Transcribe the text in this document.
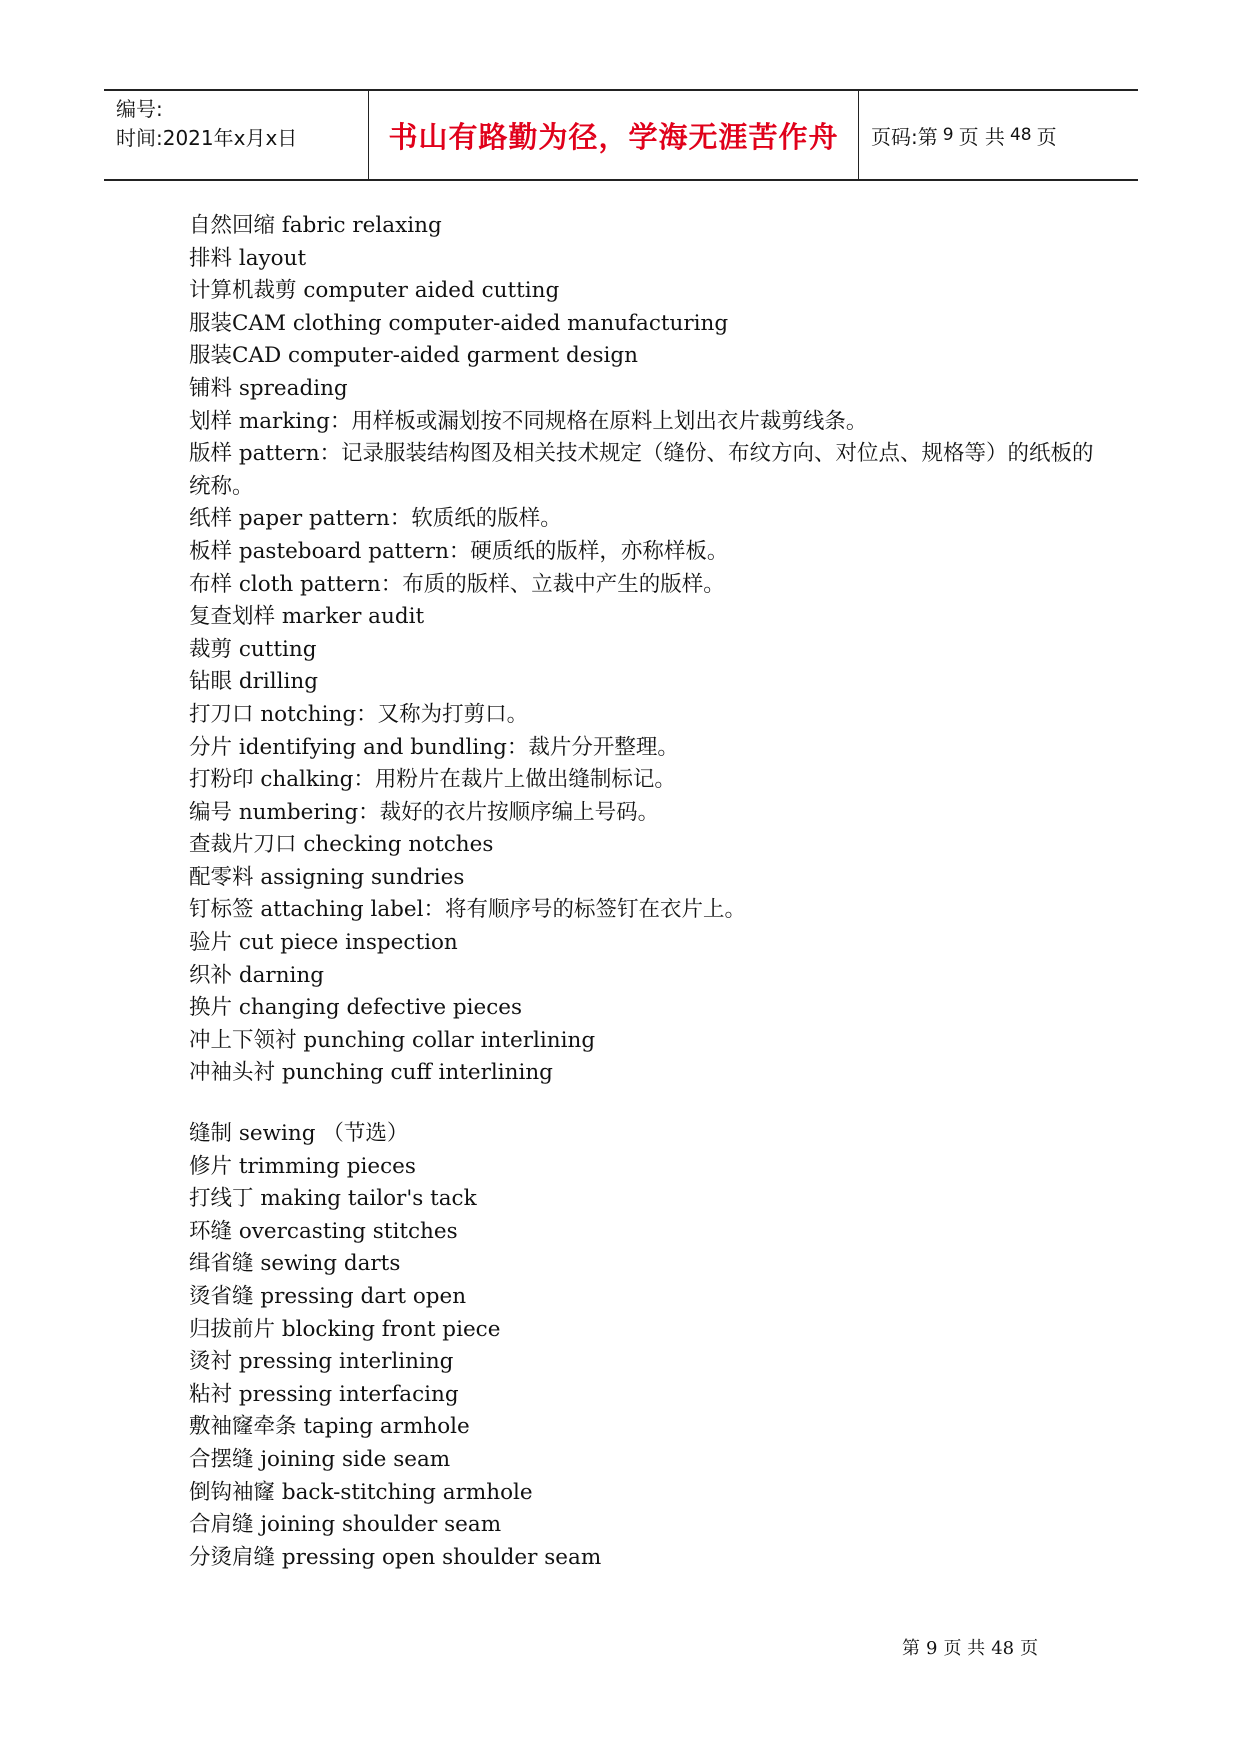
编号:
时间:2021年x月x日	书山有路勤为径，学海无涯苦作舟	页码:第 9 页 共 48 页
自然回缩 fabric relaxing
排料 layout
计算机裁剪 computer aided cutting
服装CAM clothing computer-aided manufacturing
服装CAD computer-aided garment design
铺料 spreading
划样 marking：用样板或漏划按不同规格在原料上划出衣片裁剪线条。
版样 pattern：记录服装结构图及相关技术规定（缝份、布纹方向、对位点、规格等）的纸板的统称。
纸样 paper pattern：软质纸的版样。
板样 pasteboard pattern：硬质纸的版样，亦称样板。
布样 cloth pattern：布质的版样、立裁中产生的版样。
复查划样 marker audit
裁剪 cutting
钻眼 drilling
打刀口 notching：又称为打剪口。
分片 identifying and bundling：裁片分开整理。
打粉印 chalking：用粉片在裁片上做出缝制标记。
编号 numbering：裁好的衣片按顺序编上号码。
查裁片刀口 checking notches
配零料 assigning sundries
钉标签 attaching label：将有顺序号的标签钉在衣片上。
验片 cut piece inspection
织补 darning
换片 changing defective pieces
冲上下领衬 punching collar interlining
冲袖头衬 punching cuff interlining
缝制 sewing （节选）
修片 trimming pieces
打线丁 making tailor's tack
环缝 overcasting stitches
缉省缝 sewing darts
烫省缝 pressing dart open
归拔前片 blocking front piece
烫衬 pressing interlining
粘衬 pressing interfacing
敷袖窿牵条 taping armhole
合摆缝 joining side seam
倒钩袖窿 back-stitching armhole
合肩缝 joining shoulder seam
分烫肩缝 pressing open shoulder seam
第 9 页 共 48 页
